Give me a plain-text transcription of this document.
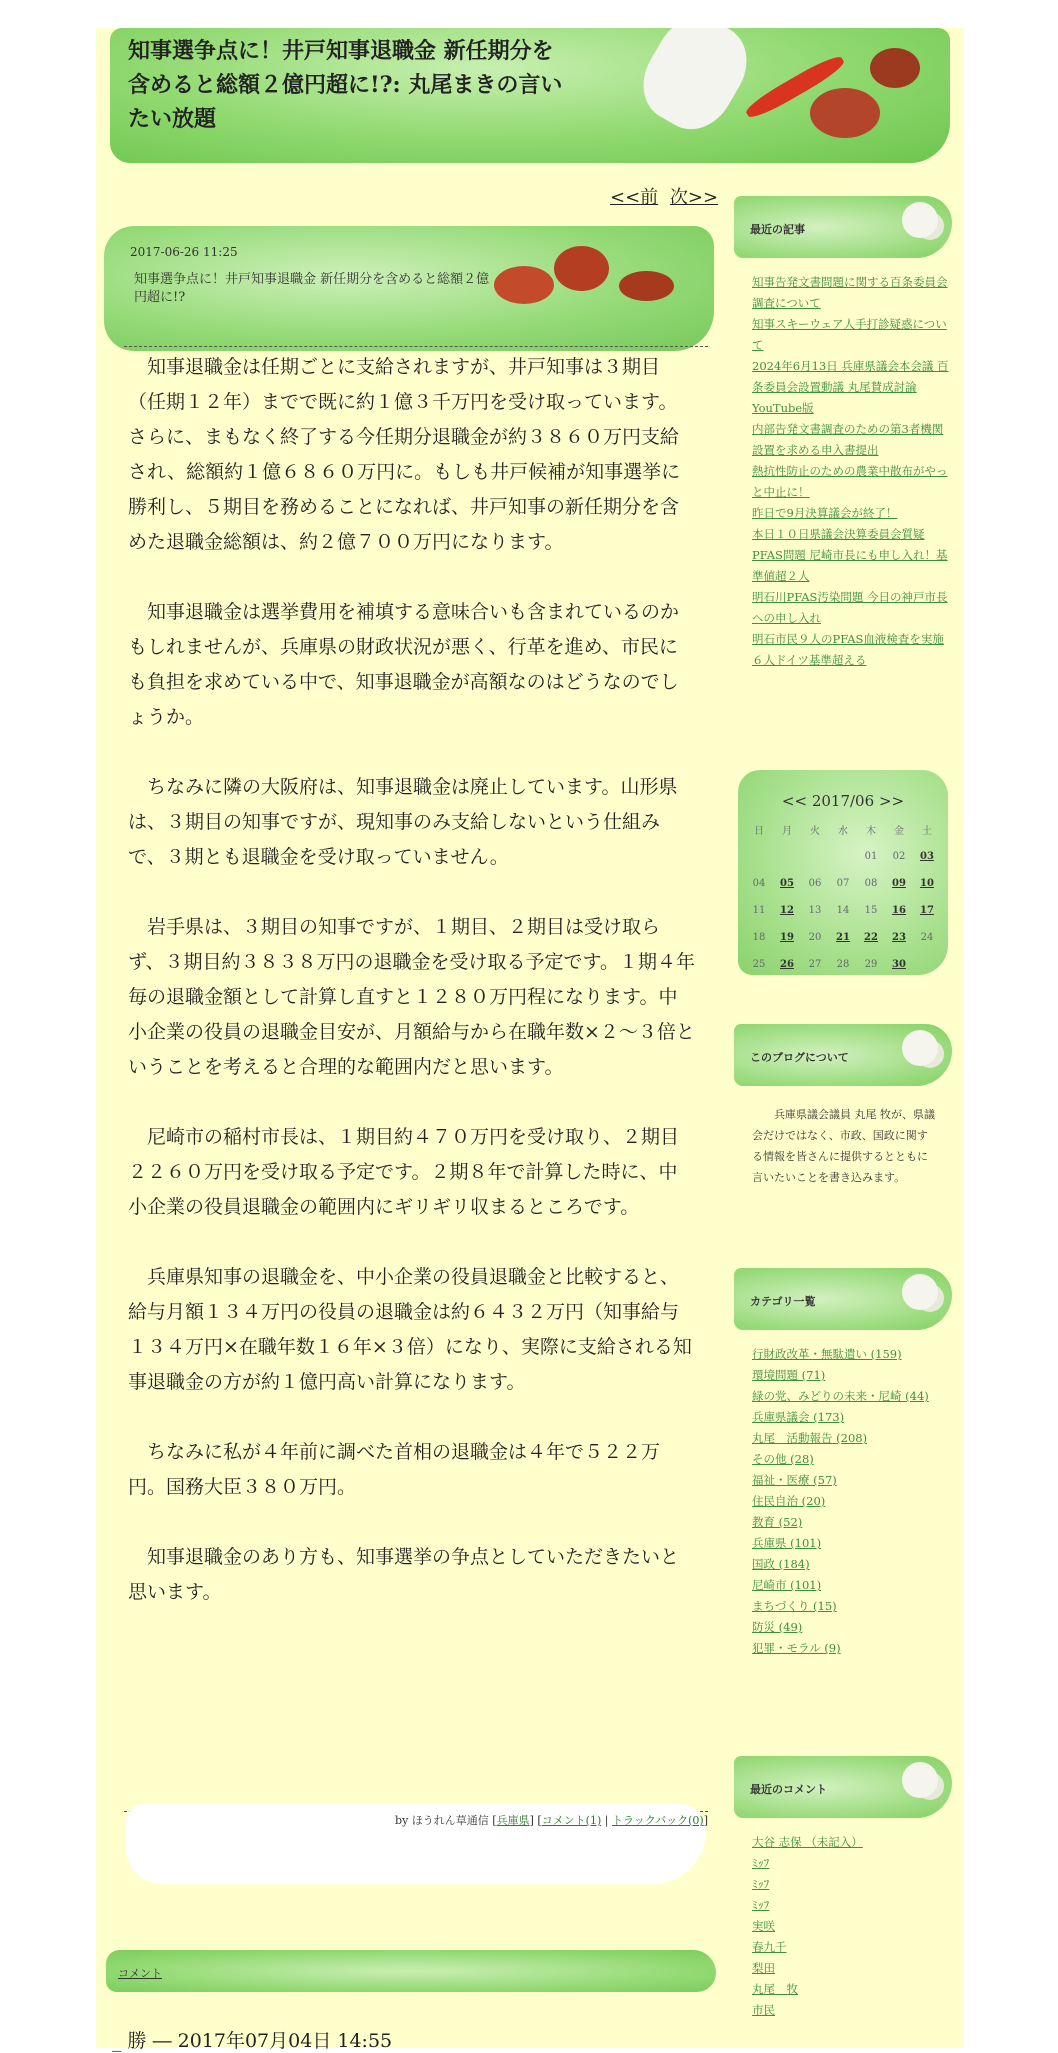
知事選争点に！井戸知事退職金 新任期分を含めると総額２億円超に!?: 丸尾まきの言いたい放題
<<前 次>>
2017-06-26 11:25
知事選争点に！井戸知事退職金 新任期分を含めると総額２億円超に!?

知事退職金は任期ごとに支給されますが、井戸知事は３期目（任期１２年）までで既に約１億３千万円を受け取っています。さらに、まもなく終了する今任期分退職金が約３８６０万円支給され、総額約１億６８６０万円に。もしも井戸候補が知事選挙に勝利し、５期目を務めることになれば、井戸知事の新任期分を含めた退職金総額は、約２億７００万円になります。

知事退職金は選挙費用を補填する意味合いも含まれているのかもしれませんが、兵庫県の財政状況が悪く、行革を進め、市民にも負担を求めている中で、知事退職金が高額なのはどうなのでしょうか。

ちなみに隣の大阪府は、知事退職金は廃止しています。山形県は、３期目の知事ですが、現知事のみ支給しないという仕組みで、３期とも退職金を受け取っていません。

岩手県は、３期目の知事ですが、１期目、２期目は受け取らず、３期目約３８３８万円の退職金を受け取る予定です。１期４年毎の退職金額として計算し直すと１２８０万円程になります。中小企業の役員の退職金目安が、月額給与から在職年数×２～３倍ということを考えると合理的な範囲内だと思います。

尼崎市の稲村市長は、１期目約４７０万円を受け取り、２期目２２６０万円を受け取る予定です。２期８年で計算した時に、中小企業の役員退職金の範囲内にギリギリ収まるところです。

兵庫県知事の退職金を、中小企業の役員退職金と比較すると、給与月額１３４万円の役員の退職金は約６４３２万円（知事給与１３４万円×在職年数１６年×３倍）になり、実際に支給される知事退職金の方が約１億円高い計算になります。

ちなみに私が４年前に調べた首相の退職金は４年で５２２万円。国務大臣３８０万円。

知事退職金のあり方も、知事選挙の争点としていただきたいと思います。

by ほうれん草通信 [兵庫県] [コメント(1) | トラックバック(0)]
コメント
_ 勝 ― 2017年07月04日 14:55
最近の記事
知事告発文書問題に関する百条委員会調査について
知事スキーウェア人手打診疑惑について
2024年6月13日 兵庫県議会本会議 百条委員会設置動議 丸尾賛成討論 YouTube版
内部告発文書調査のための第3者機関設置を求める申入書提出
熱抗性防止のための農業中散布がやっと中止に！
昨日で9月決算議会が終了！
本日１０日県議会決算委員会質疑
PFAS問題 尼崎市長にも申し入れ！基準値超２人
明石川PFAS汚染問題 今日の神戸市長への申し入れ
明石市民９人のPFAS血液検査を実施 ６人ドイツ基準超える
<< 2017/06 >>
日	月	火	水	木	金	土
				01	02	03
04	05	06	07	08	09	10
11	12	13	14	15	16	17
18	19	20	21	22	23	24
25	26	27	28	29	30	
このブログについて
兵庫県議会議員 丸尾 牧が、県議会だけではなく、市政、国政に関する情報を皆さんに提供するとともに言いたいことを書き込みます。
カテゴリ一覧
行財政改革・無駄遣い (159)
環境問題 (71)
緑の党、みどりの未来・尼崎 (44)
兵庫県議会 (173)
丸尾　活動報告 (208)
その他 (28)
福祉・医療 (57)
住民自治 (20)
教育 (52)
兵庫県 (101)
国政 (184)
尼崎市 (101)
まちづくり (15)
防災 (49)
犯罪・モラル (9)
最近のコメント
大谷 志保 （未記入）
ﾐｯﾌ
ﾐｯﾌ
ﾐｯﾌ
実咲
春九千
梨田
丸尾　牧
市民
